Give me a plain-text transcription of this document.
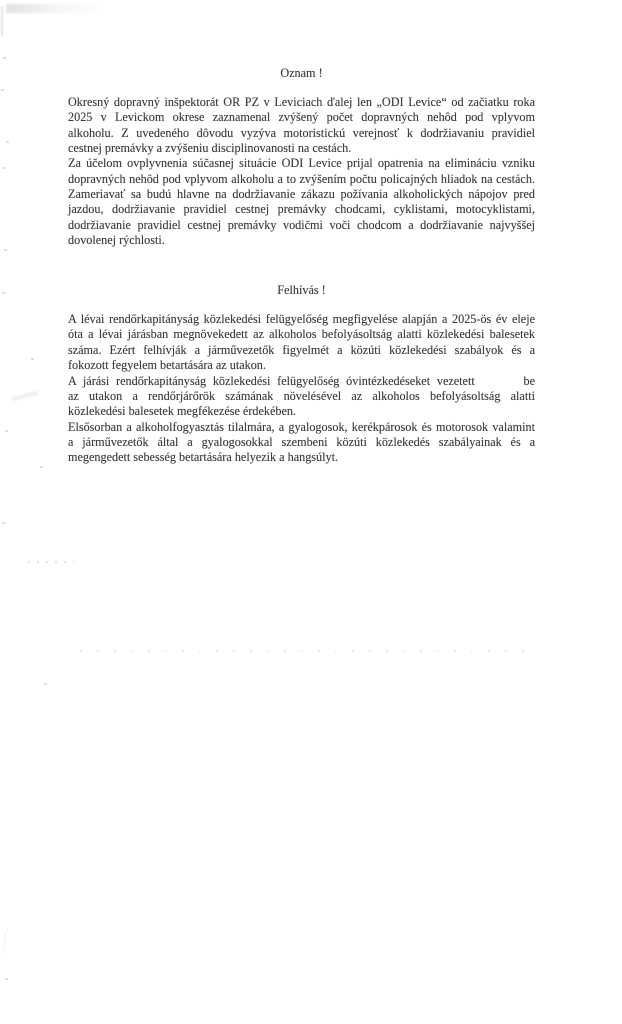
Oznam !
Okresný dopravný inšpektorát OR PZ v Leviciach ďalej len „ODI Levice“ od začiatku roka
2025 v Levickom okrese zaznamenal zvýšený počet dopravných nehôd pod vplyvom
alkoholu. Z uvedeného dôvodu vyzýva motoristickú verejnosť k dodržiavaniu pravidiel
cestnej premávky a zvýšeniu disciplinovanosti na cestách.
Za účelom ovplyvnenia súčasnej situácie ODI Levice prijal opatrenia na elimináciu vzniku
dopravných nehôd pod vplyvom alkoholu a to zvýšením počtu policajných hliadok na cestách.
Zameriavať sa budú hlavne na dodržiavanie zákazu požívania alkoholických nápojov pred
jazdou, dodržiavanie pravidiel cestnej premávky chodcami, cyklistami, motocyklistami,
dodržiavanie pravidiel cestnej premávky vodičmi voči chodcom a dodržiavanie najvyššej
dovolenej rýchlosti.
Felhívás !
A lévai rendőrkapitányság közlekedési felügyelőség megfigyelése alapján a 2025-ös év eleje
óta a lévai járásban megnövekedett az alkoholos befolyásoltság alatti közlekedési balesetek
száma. Ezért felhívják a járművezetők figyelmét a közúti közlekedési szabályok és a
fokozott fegyelem betartására az utakon.
A járási rendőrkapitányság közlekedési felügyelőség óvintézkedéseket vezetett    be
az utakon a rendőrjárőrök számának növelésével az alkoholos befolyásoltság alatti
közlekedési balesetek megfékezése érdekében.
Elsősorban a alkoholfogyasztás tilalmára, a gyalogosok, kerékpárosok és motorosok valamint
a járművezetők által a gyalogosokkal szembeni közúti közlekedés szabályainak és a
megengedett sebesség betartására helyezik a hangsúlyt.
